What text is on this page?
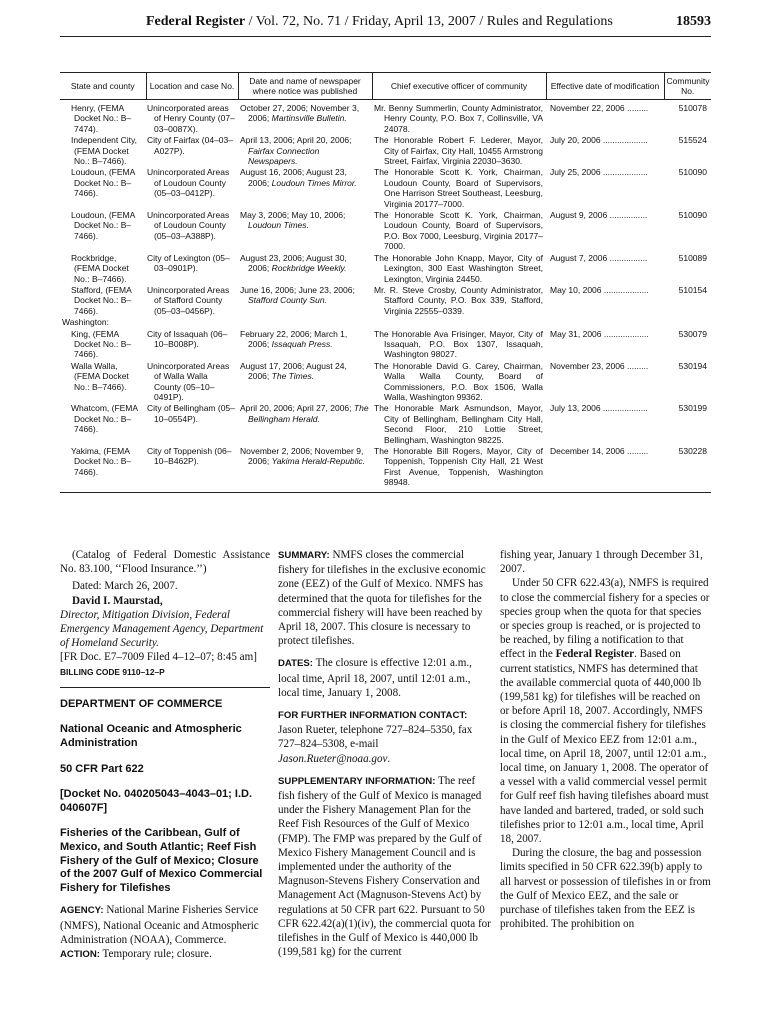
Federal Register / Vol. 72, No. 71 / Friday, April 13, 2007 / Rules and Regulations	18593
State and county	Location and case No.	Date and name of newspaper where notice was published	Chief executive officer of community	Effective date of modification	Community No.
Henry, (FEMA Docket No.: B–7474).	Unincorporated areas of Henry County (07–03–0087X).	October 27, 2006; November 3, 2006; Martinsville Bulletin.	Mr. Benny Summerlin, County Administrator, Henry County, P.O. Box 7, Collinsville, VA 24078.	November 22, 2006 .........	510078
Independent City, (FEMA Docket No.: B–7466).	City of Fairfax (04–03–A027P).	April 13, 2006; April 20, 2006; Fairfax Connection Newspapers.	The Honorable Robert F. Lederer, Mayor, City of Fairfax, City Hall, 10455 Armstrong Street, Fairfax, Virginia 22030–3630.	July 20, 2006 ...................	515524
Loudoun, (FEMA Docket No.: B–7466).	Unincorporated Areas of Loudoun County (05–03–0412P).	August 16, 2006; August 23, 2006; Loudoun Times Mirror.	The Honorable Scott K. York, Chairman, Loudoun County, Board of Supervisors, One Harrison Street Southeast, Leesburg, Virginia 20177–7000.	July 25, 2006 ...................	510090
Loudoun, (FEMA Docket No.: B–7466).	Unincorporated Areas of Loudoun County (05–03–A388P).	May 3, 2006; May 10, 2006; Loudoun Times.	The Honorable Scott K. York, Chairman, Loudoun County, Board of Supervisors, P.O. Box 7000, Leesburg, Virginia 20177–7000.	August 9, 2006 ................	510090
Rockbridge, (FEMA Docket No.: B–7466).	City of Lexington (05–03–0901P).	August 23, 2006; August 30, 2006; Rockbridge Weekly.	The Honorable John Knapp, Mayor, City of Lexington, 300 East Washington Street, Lexington, Virginia 24450.	August 7, 2006 ................	510089
Stafford, (FEMA Docket No.: B–7466).	Unincorporated Areas of Stafford County (05–03–0456P).	June 16, 2006; June 23, 2006; Stafford County Sun.	Mr. R. Steve Crosby, County Administrator, Stafford County, P.O. Box 339, Stafford, Virginia 22555–0339.	May 10, 2006 ...................	510154
Washington:					
King, (FEMA Docket No.: B–7466).	City of Issaquah (06–10–B008P).	February 22, 2006; March 1, 2006; Issaquah Press.	The Honorable Ava Frisinger, Mayor, City of Issaquah, P.O. Box 1307, Issaquah, Washington 98027.	May 31, 2006 ...................	530079
Walla Walla, (FEMA Docket No.: B–7466).	Unincorporated Areas of Walla Walla County (05–10–0491P).	August 17, 2006; August 24, 2006; The Times.	The Honorable David G. Carey, Chairman, Walla Walla County, Board of Commissioners, P.O. Box 1506, Walla Walla, Washington 99362.	November 23, 2006 .........	530194
Whatcom, (FEMA Docket No.: B–7466).	City of Bellingham (05–10–0554P).	April 20, 2006; April 27, 2006; The Bellingham Herald.	The Honorable Mark Asmundson, Mayor, City of Bellingham, Bellingham City Hall, Second Floor, 210 Lottie Street, Bellingham, Washington 98225.	July 13, 2006 ...................	530199
Yakima, (FEMA Docket No.: B–7466).	City of Toppenish (06–10–B462P).	November 2, 2006; November 9, 2006; Yakima Herald-Republic.	The Honorable Bill Rogers, Mayor, City of Toppenish, Toppenish City Hall, 21 West First Avenue, Toppenish, Washington 98948.	December 14, 2006 .........	530228

(Catalog of Federal Domestic Assistance No. 83.100, ‘‘Flood Insurance.’’)

Dated: March 26, 2007.

David I. Maurstad,

Director, Mitigation Division, Federal Emergency Management Agency, Department of Homeland Security.

[FR Doc. E7–7009 Filed 4–12–07; 8:45 am]

BILLING CODE 9110–12–P

DEPARTMENT OF COMMERCE

National Oceanic and Atmospheric Administration

50 CFR Part 622

[Docket No. 040205043–4043–01; I.D. 040607F]

Fisheries of the Caribbean, Gulf of Mexico, and South Atlantic; Reef Fish Fishery of the Gulf of Mexico; Closure of the 2007 Gulf of Mexico Commercial Fishery for Tilefishes

AGENCY: National Marine Fisheries Service (NMFS), National Oceanic and Atmospheric Administration (NOAA), Commerce.

ACTION: Temporary rule; closure.

SUMMARY: NMFS closes the commercial fishery for tilefishes in the exclusive economic zone (EEZ) of the Gulf of Mexico. NMFS has determined that the quota for tilefishes for the commercial fishery will have been reached by April 18, 2007. This closure is necessary to protect tilefishes.

DATES: The closure is effective 12:01 a.m., local time, April 18, 2007, until 12:01 a.m., local time, January 1, 2008.

FOR FURTHER INFORMATION CONTACT:
Jason Rueter, telephone 727–824–5350, fax 727–824–5308, e-mail Jason.Rueter@noaa.gov.

SUPPLEMENTARY INFORMATION: The reef fish fishery of the Gulf of Mexico is managed under the Fishery Management Plan for the Reef Fish Resources of the Gulf of Mexico (FMP). The FMP was prepared by the Gulf of Mexico Fishery Management Council and is implemented under the authority of the Magnuson-Stevens Fishery Conservation and Management Act (Magnuson-Stevens Act) by regulations at 50 CFR part 622. Pursuant to 50 CFR 622.42(a)(1)(iv), the commercial quota for tilefishes in the Gulf of Mexico is 440,000 lb (199,581 kg) for the current

fishing year, January 1 through December 31, 2007.

Under 50 CFR 622.43(a), NMFS is required to close the commercial fishery for a species or species group when the quota for that species or species group is reached, or is projected to be reached, by filing a notification to that effect in the Federal Register. Based on current statistics, NMFS has determined that the available commercial quota of 440,000 lb (199,581 kg) for tilefishes will be reached on or before April 18, 2007. Accordingly, NMFS is closing the commercial fishery for tilefishes in the Gulf of Mexico EEZ from 12:01 a.m., local time, on April 18, 2007, until 12:01 a.m., local time, on January 1, 2008. The operator of a vessel with a valid commercial vessel permit for Gulf reef fish having tilefishes aboard must have landed and bartered, traded, or sold such tilefishes prior to 12:01 a.m., local time, April 18, 2007.

During the closure, the bag and possession limits specified in 50 CFR 622.39(b) apply to all harvest or possession of tilefishes in or from the Gulf of Mexico EEZ, and the sale or purchase of tilefishes taken from the EEZ is prohibited. The prohibition on
